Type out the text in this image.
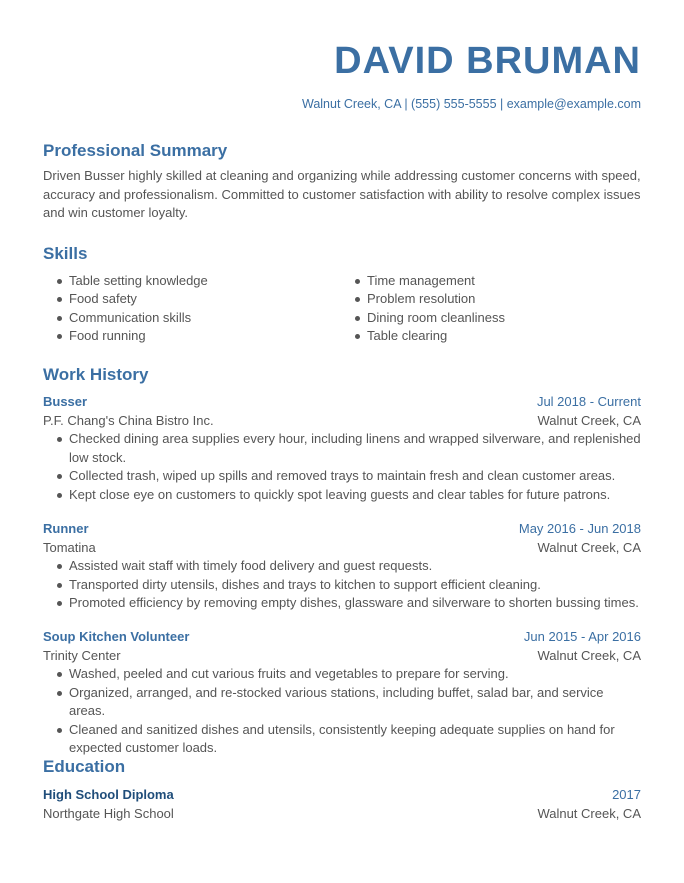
DAVID BRUMAN
Walnut Creek, CA | (555) 555-5555 | example@example.com
Professional Summary
Driven Busser highly skilled at cleaning and organizing while addressing customer concerns with speed, accuracy and professionalism. Committed to customer satisfaction with ability to resolve complex issues and win customer loyalty.
Skills
Table setting knowledge
Food safety
Communication skills
Food running
Time management
Problem resolution
Dining room cleanliness
Table clearing
Work History
Busser	Jul 2018 - Current
P.F. Chang's China Bistro Inc.	Walnut Creek, CA
Checked dining area supplies every hour, including linens and wrapped silverware, and replenished low stock.
Collected trash, wiped up spills and removed trays to maintain fresh and clean customer areas.
Kept close eye on customers to quickly spot leaving guests and clear tables for future patrons.
Runner	May 2016 - Jun 2018
Tomatina	Walnut Creek, CA
Assisted wait staff with timely food delivery and guest requests.
Transported dirty utensils, dishes and trays to kitchen to support efficient cleaning.
Promoted efficiency by removing empty dishes, glassware and silverware to shorten bussing times.
Soup Kitchen Volunteer	Jun 2015 - Apr 2016
Trinity Center	Walnut Creek, CA
Washed, peeled and cut various fruits and vegetables to prepare for serving.
Organized, arranged, and re-stocked various stations, including buffet, salad bar, and service areas.
Cleaned and sanitized dishes and utensils, consistently keeping adequate supplies on hand for expected customer loads.
Education
High School Diploma	2017
Northgate High School	Walnut Creek, CA
